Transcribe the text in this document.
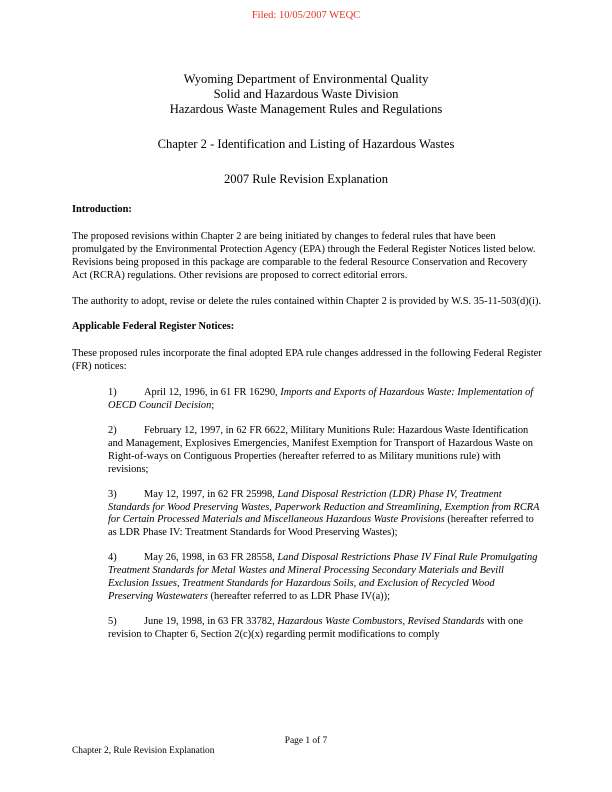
Filed: 10/05/2007 WEQC
Wyoming Department of Environmental Quality
Solid and Hazardous Waste Division
Hazardous Waste Management Rules and Regulations
Chapter 2 - Identification and Listing of Hazardous Wastes
2007 Rule Revision Explanation

Introduction:

The proposed revisions within Chapter 2 are being initiated by changes to federal rules that have been promulgated by the Environmental Protection Agency (EPA) through the Federal Register Notices listed below. Revisions being proposed in this package are comparable to the federal Resource Conservation and Recovery Act (RCRA) regulations. Other revisions are proposed to correct editorial errors.

The authority to adopt, revise or delete the rules contained within Chapter 2 is provided by W.S. 35-11-503(d)(i).

Applicable Federal Register Notices:

These proposed rules incorporate the final adopted EPA rule changes addressed in the following Federal Register (FR) notices:

1)	April 12, 1996, in 61 FR 16290, Imports and Exports of Hazardous Waste: Implementation of OECD Council Decision;

2)	February 12, 1997, in 62 FR 6622, Military Munitions Rule: Hazardous Waste Identification and Management, Explosives Emergencies, Manifest Exemption for Transport of Hazardous Waste on Right-of-ways on Contiguous Properties (hereafter referred to as Military munitions rule) with revisions;

3)	May 12, 1997, in 62 FR 25998, Land Disposal Restriction (LDR) Phase IV, Treatment Standards for Wood Preserving Wastes, Paperwork Reduction and Streamlining, Exemption from RCRA for Certain Processed Materials and Miscellaneous Hazardous Waste Provisions (hereafter referred to as LDR Phase IV: Treatment Standards for Wood Preserving Wastes);

4)	May 26, 1998, in 63 FR 28558, Land Disposal Restrictions Phase IV Final Rule Promulgating Treatment Standards for Metal Wastes and Mineral Processing Secondary Materials and Bevill Exclusion Issues, Treatment Standards for Hazardous Soils, and Exclusion of Recycled Wood Preserving Wastewaters (hereafter referred to as LDR Phase IV(a));

5)	June 19, 1998, in 63 FR 33782, Hazardous Waste Combustors, Revised Standards with one revision to Chapter 6, Section 2(c)(x) regarding permit modifications to comply

Page 1 of 7
Chapter 2, Rule Revision Explanation
